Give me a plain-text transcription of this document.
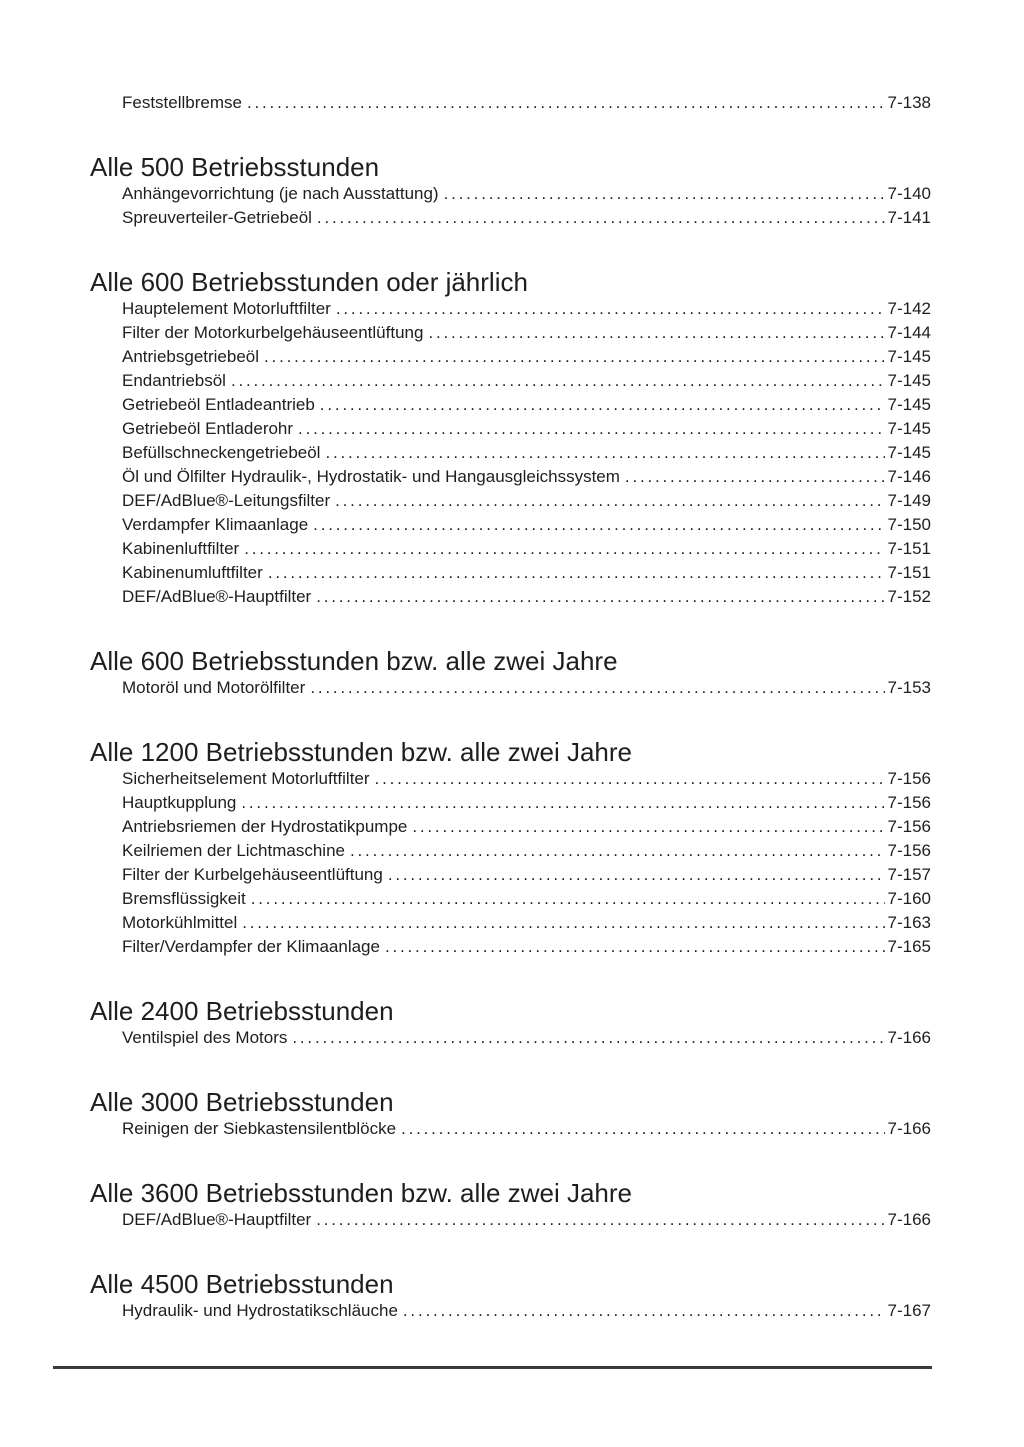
Feststellbremse .....	7-138
Alle 500 Betriebsstunden
Anhängevorrichtung (je nach Ausstattung) .....	7-140
Spreuverteiler-Getriebeöl .....	7-141
Alle 600 Betriebsstunden oder jährlich
Hauptelement Motorluftfilter .....	7-142
Filter der Motorkurbelgehäuseentlüftung .....	7-144
Antriebsgetriebeöl .....	7-145
Endantriebsöl .....	7-145
Getriebeöl Entladeantrieb .....	7-145
Getriebeöl Entladerohr .....	7-145
Befüllschneckengetriebeöl .....	7-145
Öl und Ölfilter Hydraulik-, Hydrostatik- und Hangausgleichssystem .....	7-146
DEF/AdBlue®-Leitungsfilter .....	7-149
Verdampfer Klimaanlage .....	7-150
Kabinenluftfilter .....	7-151
Kabinenumluftfilter .....	7-151
DEF/AdBlue®-Hauptfilter .....	7-152
Alle 600 Betriebsstunden bzw. alle zwei Jahre
Motoröl und Motorölfilter .....	7-153
Alle 1200 Betriebsstunden bzw. alle zwei Jahre
Sicherheitselement Motorluftfilter .....	7-156
Hauptkupplung .....	7-156
Antriebsriemen der Hydrostatikpumpe .....	7-156
Keilriemen der Lichtmaschine .....	7-156
Filter der Kurbelgehäuseentlüftung .....	7-157
Bremsflüssigkeit .....	7-160
Motorkühlmittel .....	7-163
Filter/Verdampfer der Klimaanlage .....	7-165
Alle 2400 Betriebsstunden
Ventilspiel des Motors .....	7-166
Alle 3000 Betriebsstunden
Reinigen der Siebkastensilentblöcke .....	7-166
Alle 3600 Betriebsstunden bzw. alle zwei Jahre
DEF/AdBlue®-Hauptfilter .....	7-166
Alle 4500 Betriebsstunden
Hydraulik- und Hydrostatikschläuche .....	7-167
